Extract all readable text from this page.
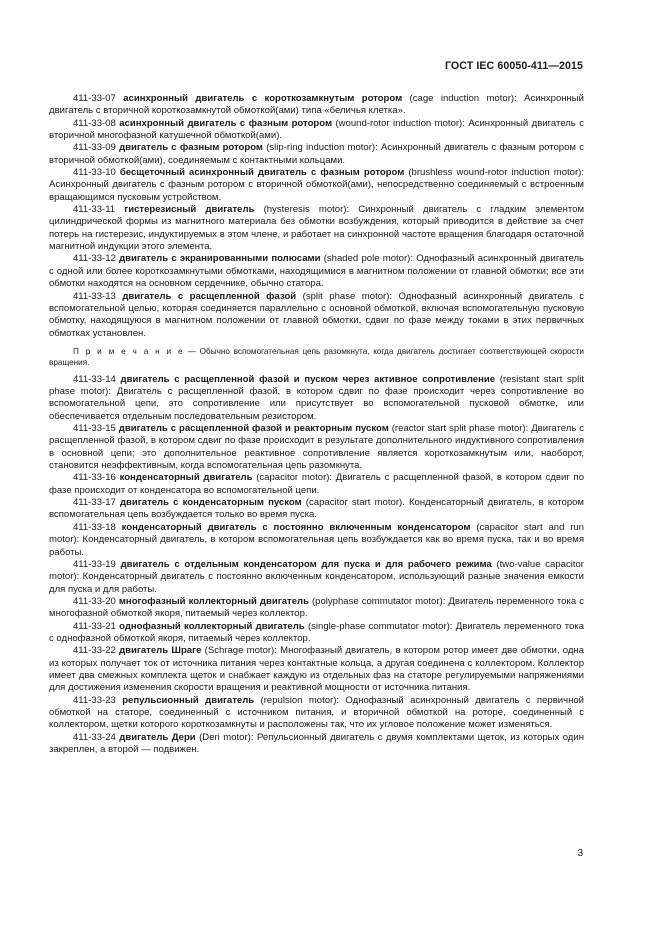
ГОСТ IEC 60050-411—2015

411-33-07 асинхронный двигатель с короткозамкнутым ротором (cage induction motor): Асинхронный двигатель с вторичной короткозамкнутой обмоткой(ами) типа «беличья клетка».

411-33-08 асинхронный двигатель с фазным ротором (wound-rotor induction motor): Асинхронный двигатель с вторичной многофазной катушечной обмоткой(ами).

411-33-09 двигатель с фазным ротором (slip-ring induction motor): Асинхронный двигатель с фазным ротором с вторичной обмоткой(ами), соединяемым с контактными кольцами.

411-33-10 бесщеточный асинхронный двигатель с фазным ротором (brushless wound-rotor induction motor): Асинхронный двигатель с фазным ротором с вторичной обмоткой(ами), непосредственно соединяемый с встроенным вращающимся пусковым устройством.

411-33-11 гистерезисный двигатель (hysteresis motor): Синхронный двигатель с гладким элементом цилиндрической формы из магнитного материала без обмотки возбуждения, который приводится в действие за счет потерь на гистерезис, индуктируемых в этом члене, и работает на синхронной частоте вращения благодаря остаточной магнитной индукции этого элемента.

411-33-12 двигатель с экранированными полюсами (shaded pole motor): Однофазный асинхронный двигатель с одной или более короткозамкнутыми обмотками, находящимися в магнитном положении от главной обмотки; все эти обмотки находятся на основном сердечнике, обычно статора.

411-33-13 двигатель с расщепленной фазой (split phase motor): Однофазный асинхронный двигатель с вспомогательной целью, которая соединяется параллельно с основной обмоткой, включая вспомогательную пусковую обмотку, находящуюся в магнитном положении от главной обмотки, сдвиг по фазе между токами в этих первичных обмотках установлен.

П р и м е ч а н и е — Обычно вспомогательная цепь разомкнута, когда двигатель достигает соответствующей скорости вращения.

411-33-14 двигатель с расщепленной фазой и пуском через активное сопротивление (resistant start split phase motor): Двигатель с расщепленной фазой, в котором сдвиг по фазе происходит через сопротивление во вспомогательной цепи, это сопротивление или присутствует во вспомогательной пусковой обмотке, или обеспечивается отдельным последовательным резистором.

411-33-15 двигатель с расщепленной фазой и реакторным пуском (reactor start split phase motor): Двигатель с расщепленной фазой, в котором сдвиг по фазе происходит в результате дополнительного индуктивного сопротивления в основной цепи; это дополнительное реактивное сопротивление является короткозамкнутым или, наоборот, становится неэффективным, когда вспомогательная цепь разомкнута.

411-33-16 конденсаторный двигатель (capacitor motor): Двигатель с расщепленной фазой, в котором сдвиг по фазе происходит от конденсатора во вспомогательной цепи.

411-33-17 двигатель с конденсаторным пуском (capacitor start motor). Конденсаторный двигатель, в котором вспомогательная цепь возбуждается только во время пуска.

411-33-18 конденсаторный двигатель с постоянно включенным конденсатором (capacitor start and run motor): Конденсаторный двигатель, в котором вспомогательная цепь возбуждается как во время пуска, так и во время работы.

411-33-19 двигатель с отдельным конденсатором для пуска и для рабочего режима (two-value capacitor motor): Конденсаторный двигатель с постоянно включенным конденсатором, использующий разные значения емкости для пуска и для работы.

411-33-20 многофазный коллекторный двигатель (polyphase commutator motor): Двигатель переменного тока с многофазной обмоткой якоря, питаемый через коллектор.

411-33-21 однофазный коллекторный двигатель (single-phase commutator motor): Двигатель переменного тока с однофазной обмоткой якоря, питаемый через коллектор.

411-33-22 двигатель Шраге (Schrage motor): Многофазный двигатель, в котором ротор имеет две обмотки, одна из которых получает ток от источника питания через контактные кольца, а другая соединена с коллектором. Коллектор имеет два смежных комплекта щеток и снабжает каждую из отдельных фаз на статоре регулируемыми напряжениями для достижения изменения скорости вращения и реактивной мощности от источника питания.

411-33-23 репульсионный двигатель (repulsion motor): Однофазный асинхронный двигатель с первичной обмоткой на статоре, соединенный с источником питания, и вторичной обмоткой на роторе, соединенный с коллектором, щетки которого короткозамкнуты и расположены так, что их угловое положение может изменяться.

411-33-24 двигатель Дери (Deri motor): Репульсионный двигатель с двумя комплектами щеток, из которых один закреплен, а второй — подвижен.

3
